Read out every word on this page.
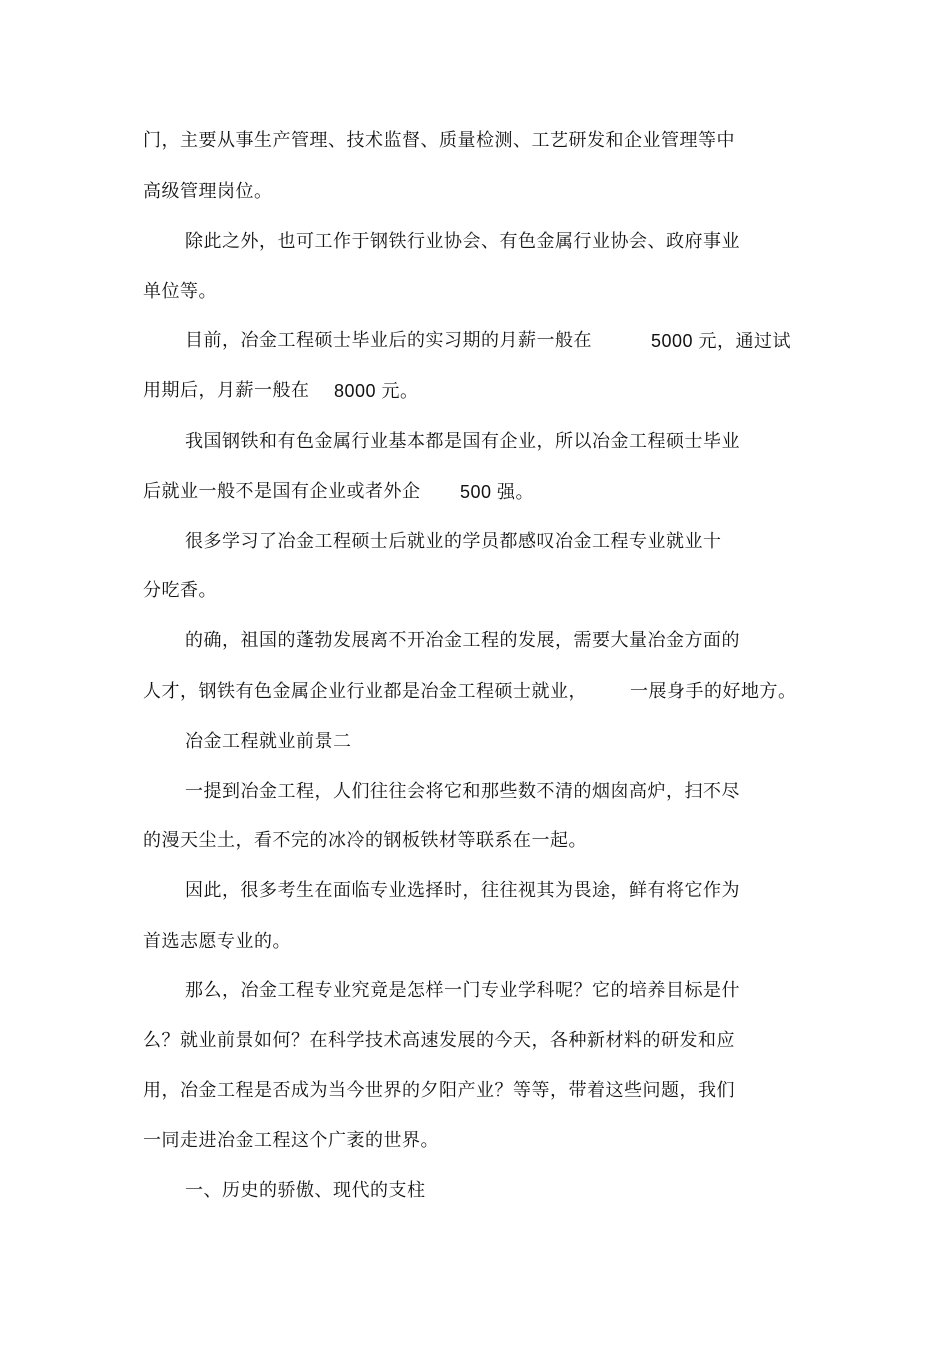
门，主要从事生产管理、技术监督、质量检测、工艺研发和企业管理等中
高级管理岗位。
除此之外，也可工作于钢铁行业协会、有色金属行业协会、政府事业
单位等。
目前，冶金工程硕士毕业后的实习期的月薪一般在	5000 元，通过试
用期后，月薪一般在 8000 元。
我国钢铁和有色金属行业基本都是国有企业，所以冶金工程硕士毕业
后就业一般不是国有企业或者外企 500 强。
很多学习了冶金工程硕士后就业的学员都感叹冶金工程专业就业十
分吃香。
的确，祖国的蓬勃发展离不开冶金工程的发展，需要大量冶金方面的
人才，钢铁有色金属企业行业都是冶金工程硕士就业， 一展身手的好地方。
冶金工程就业前景二
一提到冶金工程，人们往往会将它和那些数不清的烟囱高炉，扫不尽
的漫天尘土，看不完的冰冷的钢板铁材等联系在一起。
因此，很多考生在面临专业选择时，往往视其为畏途，鲜有将它作为
首选志愿专业的。
那么，冶金工程专业究竟是怎样一门专业学科呢？它的培养目标是什
么？就业前景如何？在科学技术高速发展的今天，各种新材料的研发和应
用，冶金工程是否成为当今世界的夕阳产业？等等，带着这些问题，我们
一同走进冶金工程这个广袤的世界。
一、历史的骄傲、现代的支柱
